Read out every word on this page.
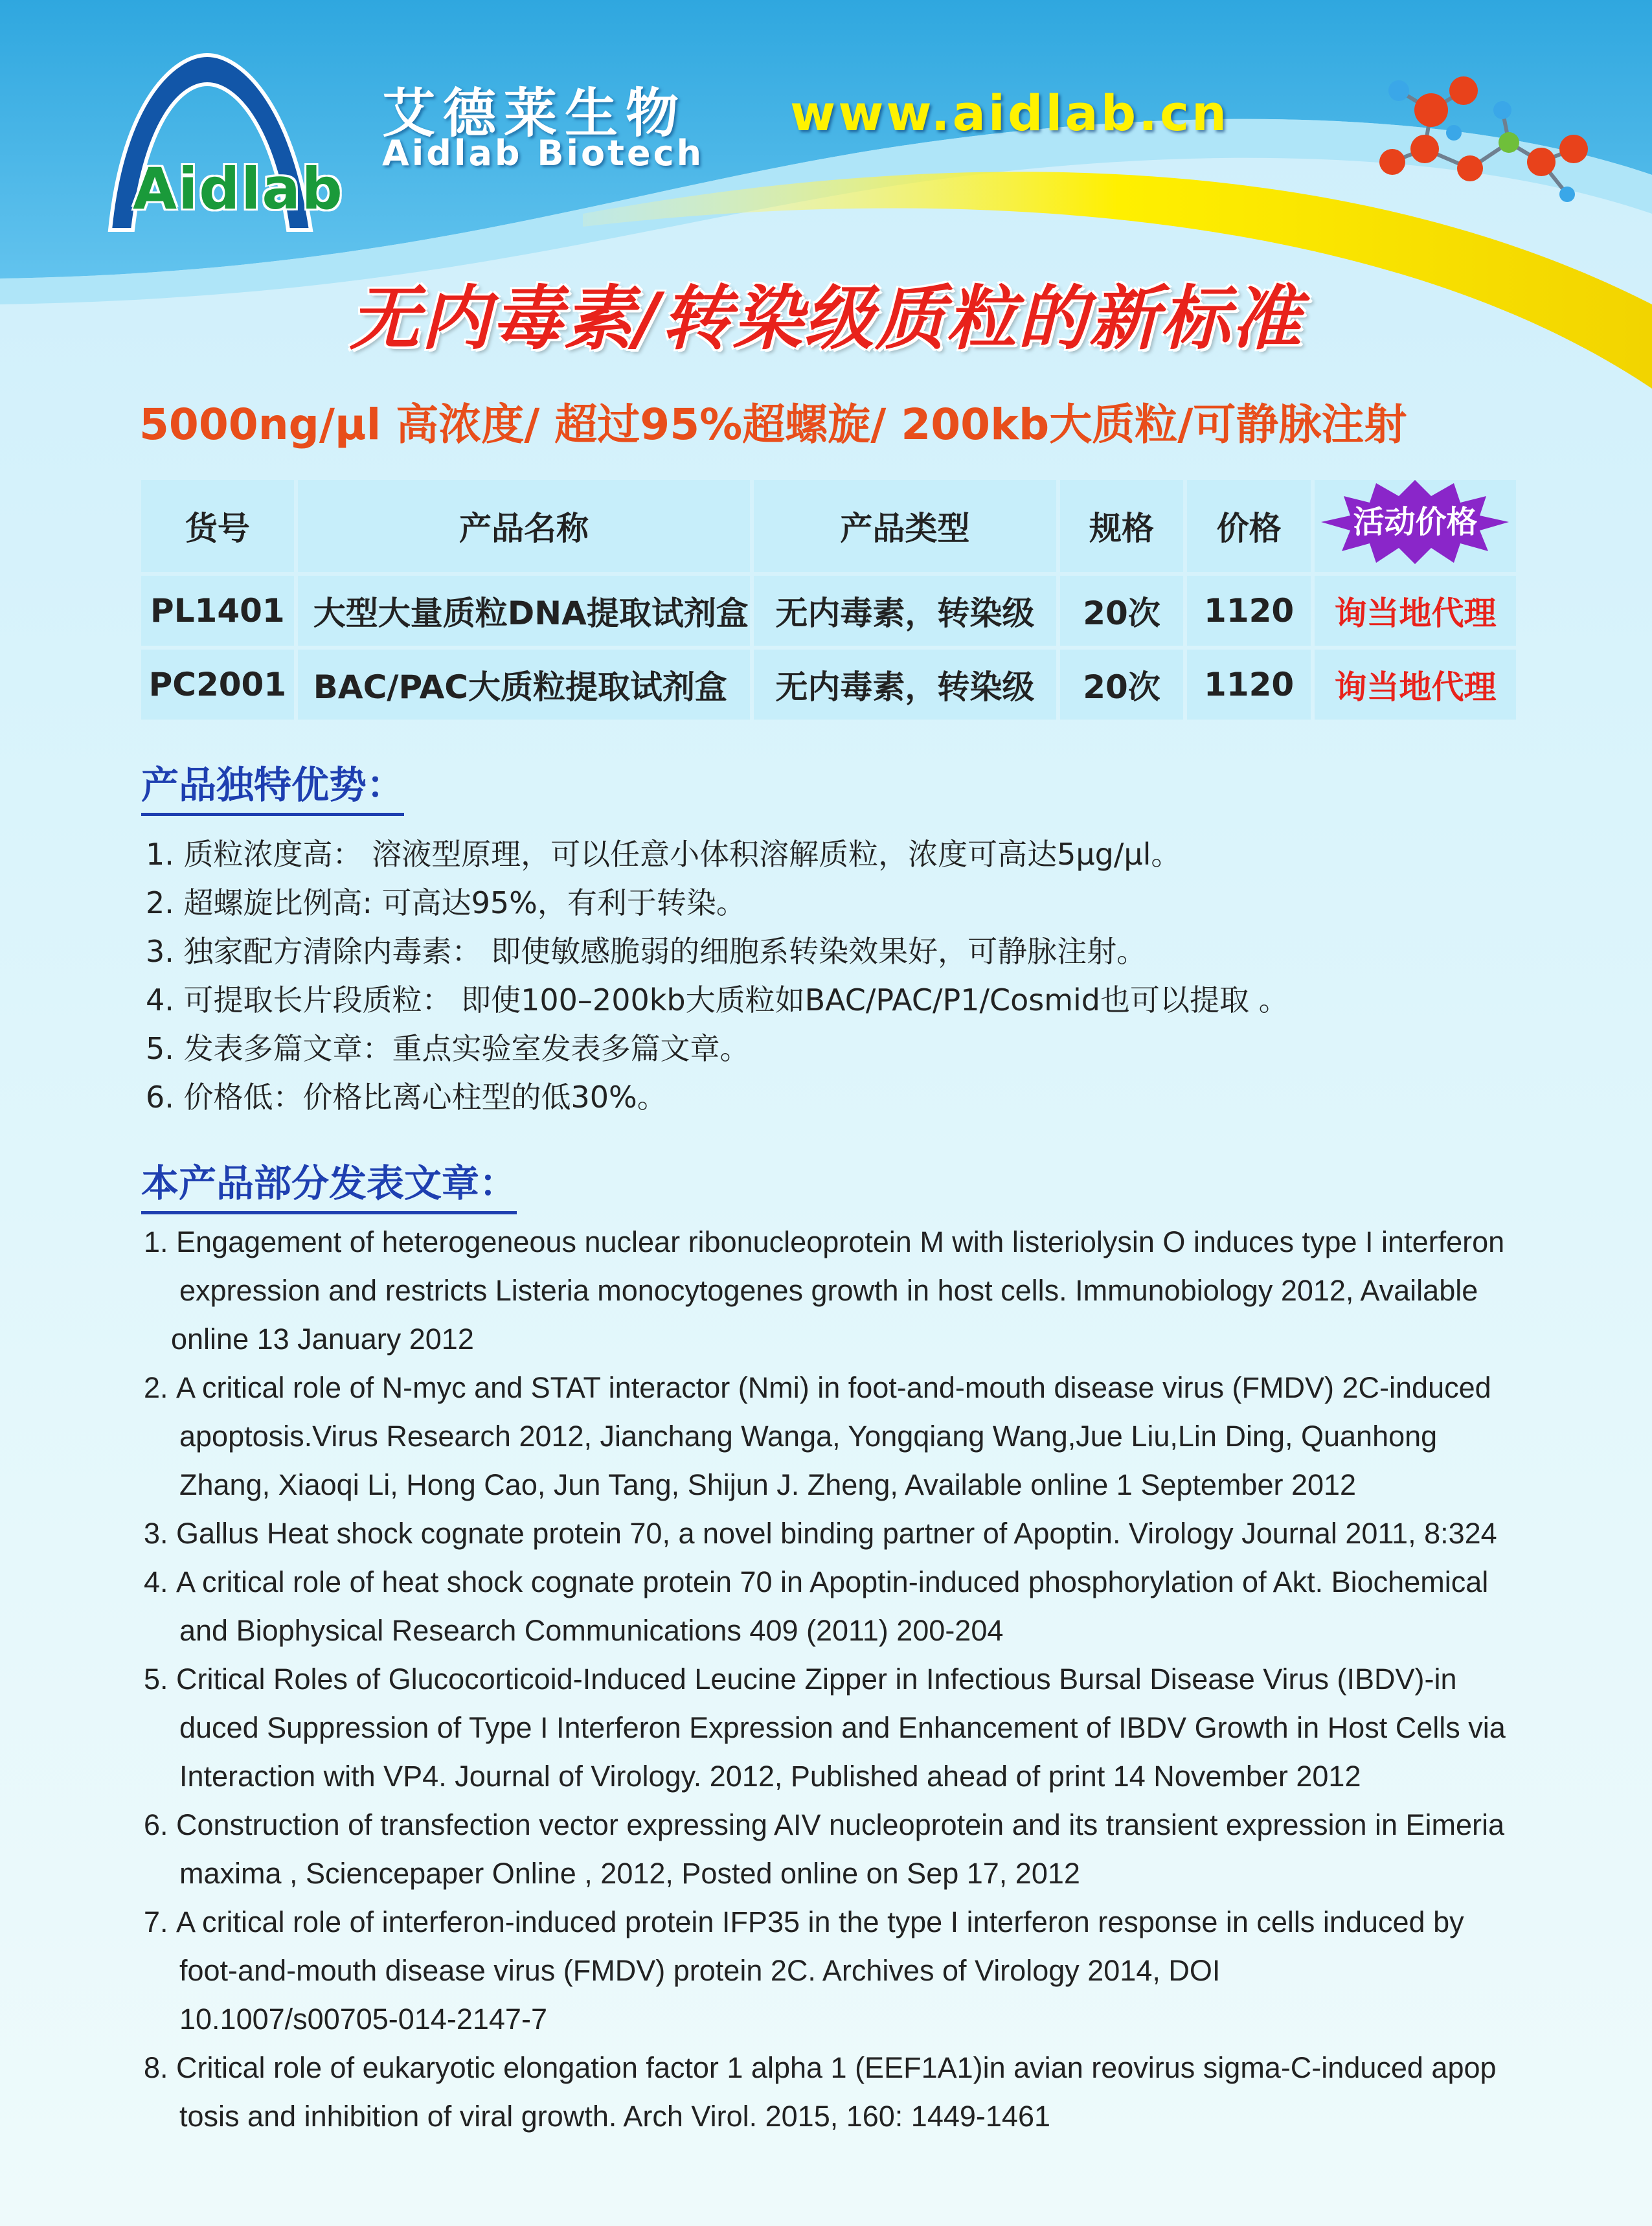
Aidlab
艾德莱生物
Aidlab Biotech
www.aidlab.cn
无内毒素/转染级质粒的新标准
5000ng/μl 高浓度/ 超过95%超螺旋/ 200kb大质粒/可静脉注射
货号	产品名称	产品类型	规格	价格	活动价格

PL1401	大型大量质粒DNA提取试剂盒	无内毒素，转染级	20次	1120	询当地代理
PC2001	BAC/PAC大质粒提取试剂盒	无内毒素，转染级	20次	1120	询当地代理
产品独特优势：
1. 质粒浓度高： 溶液型原理，可以任意小体积溶解质粒，浓度可高达5μg/μl。
2. 超螺旋比例高: 可高达95%，有利于转染。
3. 独家配方清除内毒素： 即使敏感脆弱的细胞系转染效果好，可静脉注射。
4. 可提取长片段质粒： 即使100–200kb大质粒如BAC/PAC/P1/Cosmid也可以提取 。
5. 发表多篇文章：重点实验室发表多篇文章。
6. 价格低：价格比离心柱型的低30%。
本产品部分发表文章：
1. Engagement of heterogeneous nuclear ribonucleoprotein M with listeriolysin O induces type I interferon
expression and restricts Listeria monocytogenes growth in host cells. Immunobiology 2012, Available
online 13 January 2012
2. A critical role of N-myc and STAT interactor (Nmi) in foot-and-mouth disease virus (FMDV) 2C-induced
apoptosis.Virus Research 2012, Jianchang Wanga, Yongqiang Wang,Jue Liu,Lin Ding, Quanhong
Zhang, Xiaoqi Li, Hong Cao, Jun Tang, Shijun J. Zheng, Available online 1 September 2012
3. Gallus Heat shock cognate protein 70, a novel binding partner of Apoptin. Virology Journal 2011, 8:324
4. A critical role of heat shock cognate protein 70 in Apoptin-induced phosphorylation of Akt. Biochemical
and Biophysical Research Communications 409 (2011) 200-204
5. Critical Roles of Glucocorticoid-Induced Leucine Zipper in Infectious Bursal Disease Virus (IBDV)-in
duced Suppression of Type I Interferon Expression and Enhancement of IBDV Growth in Host Cells via
Interaction with VP4. Journal of Virology. 2012, Published ahead of print 14 November 2012
6. Construction of transfection vector expressing AIV nucleoprotein and its transient expression in Eimeria
maxima , Sciencepaper Online , 2012, Posted online on Sep 17, 2012
7. A critical role of interferon-induced protein IFP35 in the type I interferon response in cells induced by
foot-and-mouth disease virus (FMDV) protein 2C. Archives of Virology 2014, DOI
10.1007/s00705-014-2147-7
8. Critical role of eukaryotic elongation factor 1 alpha 1 (EEF1A1)in avian reovirus sigma-C-induced apop
tosis and inhibition of viral growth. Arch Virol. 2015, 160: 1449-1461
